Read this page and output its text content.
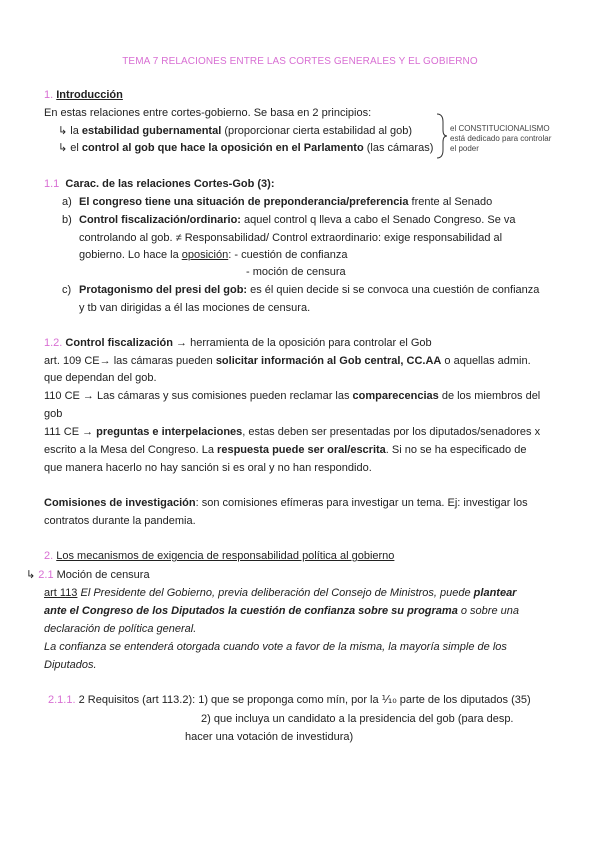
TEMA 7 RELACIONES ENTRE LAS CORTES GENERALES Y EL GOBIERNO
1. Introducción
En estas relaciones entre cortes-gobierno. Se basa en 2 principios:
↳ la estabilidad gubernamental (proporcionar cierta estabilidad al gob)
↳ el control al gob que hace la oposición en el Parlamento (las cámaras)
el CONSTITUCIONALISMO
está dedicado para controlar
el poder
1.1 Carac. de las relaciones Cortes-Gob (3):
a) El congreso tiene una situación de preponderancia/preferencia frente al Senado
b) Control fiscalización/ordinario: aquel control q lleva a cabo el Senado Congreso. Se va
controlando al gob. ≠ Responsabilidad/ Control extraordinario: exige responsabilidad al
gobierno. Lo hace la oposición: - cuestión de confianza
- moción de censura
c) Protagonismo del presi del gob: es él quien decide si se convoca una cuestión de confianza
y tb van dirigidas a él las mociones de censura.
1.2. Control fiscalización → herramienta de la oposición para controlar el Gob
art. 109 CE→ las cámaras pueden solicitar información al Gob central, CC.AA o aquellas admin.
que dependan del gob.
110 CE → Las cámaras y sus comisiones pueden reclamar las comparecencias de los miembros del
gob
111 CE → preguntas e interpelaciones, estas deben ser presentadas por los diputados/senadores x
escrito a la Mesa del Congreso. La respuesta puede ser oral/escrita. Si no se ha especificado de
que manera hacerlo no hay sanción si es oral y no han respondido.
Comisiones de investigación: son comisiones efímeras para investigar un tema. Ej: investigar los
contratos durante la pandemia.
2. Los mecanismos de exigencia de responsabilidad política al gobierno
↳ 2.1 Moción de censura
art 113 El Presidente del Gobierno, previa deliberación del Consejo de Ministros, puede plantear
ante el Congreso de los Diputados la cuestión de confianza sobre su programa o sobre una
declaración de política general.
La confianza se entenderá otorgada cuando vote a favor de la misma, la mayoría simple de los
Diputados.
2.1.1. 2 Requisitos (art 113.2): 1) que se proponga como mín, por la ⅒ parte de los diputados (35)
2) que incluya un candidato a la presidencia del gob (para desp.
hacer una votación de investidura)
